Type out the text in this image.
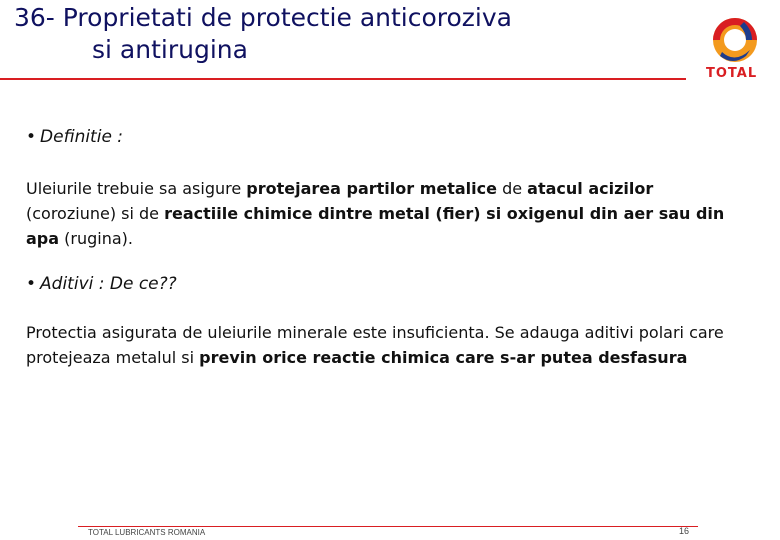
36- Proprietati de protectie anticoroziva
si antirugina
TOTAL
• Definitie :
Uleiurile trebuie sa asigure protejarea partilor metalice de atacul acizilor (coroziune) si de reactiile chimice dintre metal (fier) si oxigenul din aer sau din apa (rugina).
• Aditivi : De ce??
Protectia asigurata de uleiurile minerale este insuficienta. Se adauga aditivi polari care protejeaza metalul si previn orice reactie chimica care s-ar putea desfasura
TOTAL LUBRICANTS ROMANIA	16
